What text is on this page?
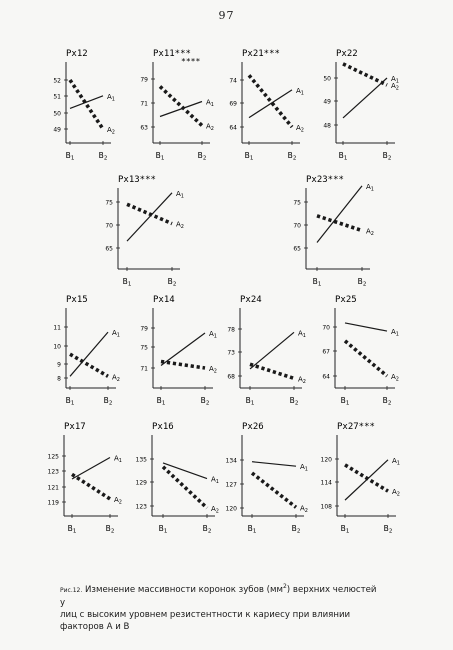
97
Px12
52
51
50
49
$B_1$	$B_2$
$A_1$
$A_2$
Px11***
****
79
71
63
$B_1$	$B_2$
$A_1$
$A_2$
Px21***
74
69
64
$B_1$	$B_2$
$A_1$
$A_2$
Px22
50
49
48
$B_1$	$B_2$
$A_1$
$A_2$
Px13***
75
70
65
$B_1$	$B_2$
$A_1$
$A_2$
Px23***
75
70
65
$B_1$	$B_2$
$A_1$
$A_2$
Px15
11
10
9
8
$B_1$	$B_2$
$A_1$
$A_2$
Px14
79
75
71
$B_1$	$B_2$
$A_1$
$A_2$
Px24
78
73
68
$B_1$	$B_2$
$A_1$
$A_2$
Px25
70
67
64
$B_1$	$B_2$
$A_1$
$A_2$
Px17
125
123
121
119
$B_1$	$B_2$
$A_1$
$A_2$
Px16
135
129
123
$B_1$	$B_2$
$A_1$
$A_2$
Px26
134
127
120
$B_1$	$B_2$
$A_1$
$A_2$
Px27***
120
114
108
$B_1$	$B_2$
$A_1$
$A_2$
Рис.12. Изменение массивности коронок зубов $(мм^2)$ верхних челюстей у
лиц с высоким уровнем резистентности к кариесу при влиянии
факторов А и В
